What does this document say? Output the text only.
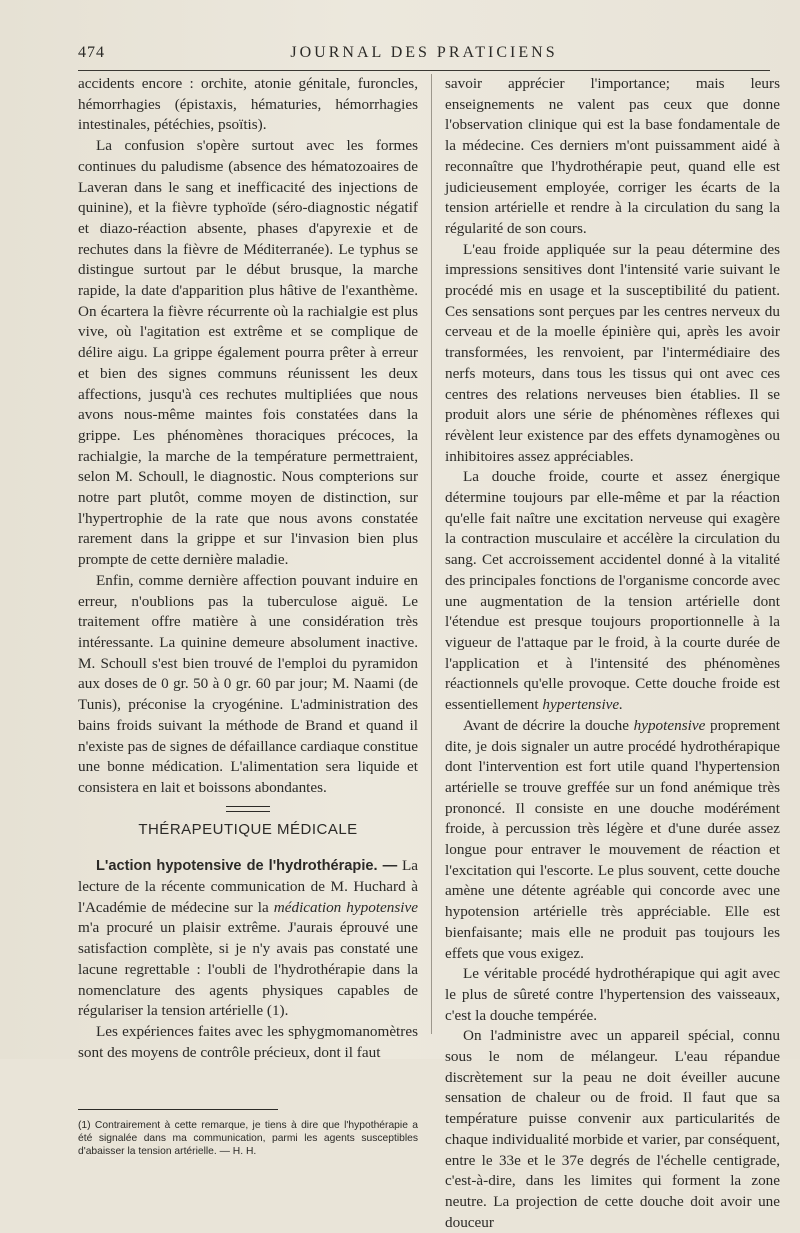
474	JOURNAL DES PRATICIENS

accidents encore : orchite, atonie génitale, furoncles, hémorrhagies (épistaxis, hématuries, hémorrhagies intestinales, pétéchies, psoïtis).

La confusion s'opère surtout avec les formes continues du paludisme (absence des hématozoaires de Laveran dans le sang et inefficacité des injections de quinine), et la fièvre typhoïde (séro-diagnostic négatif et diazo-réaction absente, phases d'apyrexie et de rechutes dans la fièvre de Méditerranée). Le typhus se distingue surtout par le début brusque, la marche rapide, la date d'apparition plus hâtive de l'exanthème. On écartera la fièvre récurrente où la rachialgie est plus vive, où l'agitation est extrême et se complique de délire aigu. La grippe également pourra prêter à erreur et bien des signes communs réunissent les deux affections, jusqu'à ces rechutes multipliées que nous avons nous-même maintes fois constatées dans la grippe. Les phénomènes thoraciques précoces, la rachialgie, la marche de la température permettraient, selon M. Schoull, le diagnostic. Nous compterions sur notre part plutôt, comme moyen de distinction, sur l'hypertrophie de la rate que nous avons constatée rarement dans la grippe et sur l'invasion bien plus prompte de cette dernière maladie.

Enfin, comme dernière affection pouvant induire en erreur, n'oublions pas la tuberculose aiguë. Le traitement offre matière à une considération très intéressante. La quinine demeure absolument inactive. M. Schoull s'est bien trouvé de l'emploi du pyramidon aux doses de 0 gr. 50 à 0 gr. 60 par jour; M. Naami (de Tunis), préconise la cryogénine. L'administration des bains froids suivant la méthode de Brand et quand il n'existe pas de signes de défaillance cardiaque constitue une bonne médication. L'alimentation sera liquide et consistera en lait et boissons abondantes.

THÉRAPEUTIQUE MÉDICALE

L'action hypotensive de l'hydrothérapie. — La lecture de la récente communication de M. Huchard à l'Académie de médecine sur la médication hypotensive m'a procuré un plaisir extrême. J'aurais éprouvé une satisfaction complète, si je n'y avais pas constaté une lacune regrettable : l'oubli de l'hydrothérapie dans la nomenclature des agents physiques capables de régulariser la tension artérielle (1).

Les expériences faites avec les sphygmomanomètres sont des moyens de contrôle précieux, dont il faut

(1) Contrairement à cette remarque, je tiens à dire que l'hypothérapie a été signalée dans ma communication, parmi les agents susceptibles d'abaisser la tension artérielle. — H. H.

savoir apprécier l'importance; mais leurs enseignements ne valent pas ceux que donne l'observation clinique qui est la base fondamentale de la médecine. Ces derniers m'ont puissamment aidé à reconnaître que l'hydrothérapie peut, quand elle est judicieusement employée, corriger les écarts de la tension artérielle et rendre à la circulation du sang la régularité de son cours.

L'eau froide appliquée sur la peau détermine des impressions sensitives dont l'intensité varie suivant le procédé mis en usage et la susceptibilité du patient. Ces sensations sont perçues par les centres nerveux du cerveau et de la moelle épinière qui, après les avoir transformées, les renvoient, par l'intermédiaire des nerfs moteurs, dans tous les tissus qui ont avec ces centres des relations nerveuses bien établies. Il se produit alors une série de phénomènes réflexes qui révèlent leur existence par des effets dynamogènes ou inhibitoires assez appréciables.

La douche froide, courte et assez énergique détermine toujours par elle-même et par la réaction qu'elle fait naître une excitation nerveuse qui exagère la contraction musculaire et accélère la circulation du sang. Cet accroissement accidentel donné à la vitalité des principales fonctions de l'organisme concorde avec une augmentation de la tension artérielle dont l'étendue est presque toujours proportionnelle à la vigueur de l'attaque par le froid, à la courte durée de l'application et à l'intensité des phénomènes réactionnels qu'elle provoque. Cette douche froide est essentiellement hypertensive.

Avant de décrire la douche hypotensive proprement dite, je dois signaler un autre procédé hydrothérapique dont l'intervention est fort utile quand l'hypertension artérielle se trouve greffée sur un fond anémique très prononcé. Il consiste en une douche modérément froide, à percussion très légère et d'une durée assez longue pour entraver le mouvement de réaction et l'excitation qui l'escorte. Le plus souvent, cette douche amène une détente agréable qui concorde avec une hypotension artérielle très appréciable. Elle est bienfaisante; mais elle ne produit pas toujours les effets que vous exigez.

Le véritable procédé hydrothérapique qui agit avec le plus de sûreté contre l'hypertension des vaisseaux, c'est la douche tempérée.

On l'administre avec un appareil spécial, connu sous le nom de mélangeur. L'eau répandue discrètement sur la peau ne doit éveiller aucune sensation de chaleur ou de froid. Il faut que sa température puisse convenir aux particularités de chaque individualité morbide et varier, par conséquent, entre le 33e et le 37e degrés de l'échelle centigrade, c'est-à-dire, dans les limites qui forment la zone neutre. La projection de cette douche doit avoir une douceur
